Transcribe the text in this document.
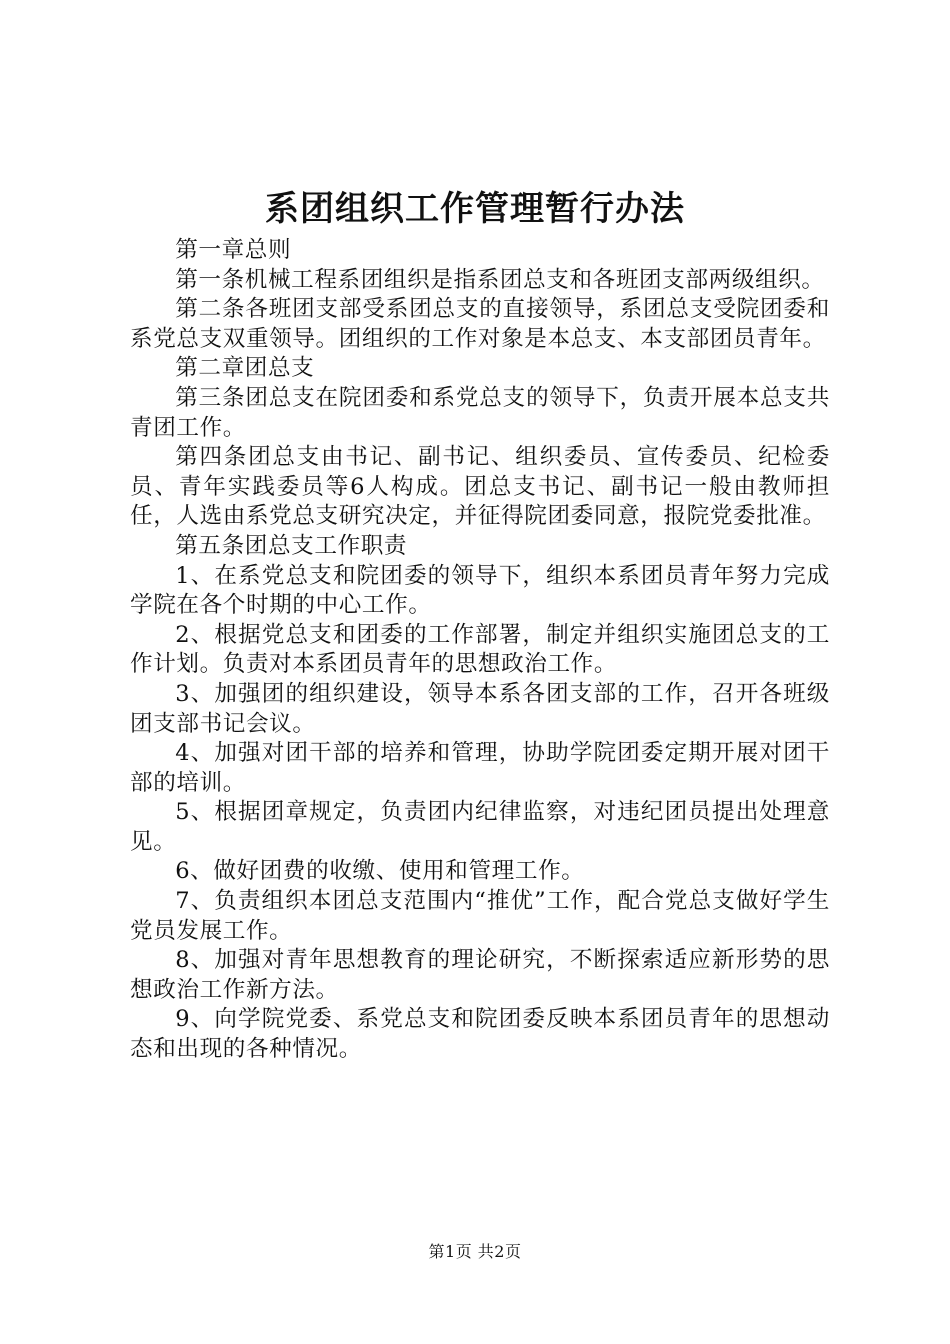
系团组织工作管理暂行办法

第一章总则

第一条机械工程系团组织是指系团总支和各班团支部两级组织。

第二条各班团支部受系团总支的直接领导，系团总支受院团委和系党总支双重领导。团组织的工作对象是本总支、本支部团员青年。

第二章团总支

第三条团总支在院团委和系党总支的领导下，负责开展本总支共青团工作。

第四条团总支由书记、副书记、组织委员、宣传委员、纪检委员、青年实践委员等6人构成。团总支书记、副书记一般由教师担任，人选由系党总支研究决定，并征得院团委同意，报院党委批准。

第五条团总支工作职责

1、在系党总支和院团委的领导下，组织本系团员青年努力完成学院在各个时期的中心工作。

2、根据党总支和团委的工作部署，制定并组织实施团总支的工作计划。负责对本系团员青年的思想政治工作。

3、加强团的组织建设，领导本系各团支部的工作，召开各班级团支部书记会议。

4、加强对团干部的培养和管理，协助学院团委定期开展对团干部的培训。

5、根据团章规定，负责团内纪律监察，对违纪团员提出处理意见。

6、做好团费的收缴、使用和管理工作。

7、负责组织本团总支范围内“推优”工作，配合党总支做好学生党员发展工作。

8、加强对青年思想教育的理论研究，不断探索适应新形势的思想政治工作新方法。

9、向学院党委、系党总支和院团委反映本系团员青年的思想动态和出现的各种情况。

第1页 共2页
